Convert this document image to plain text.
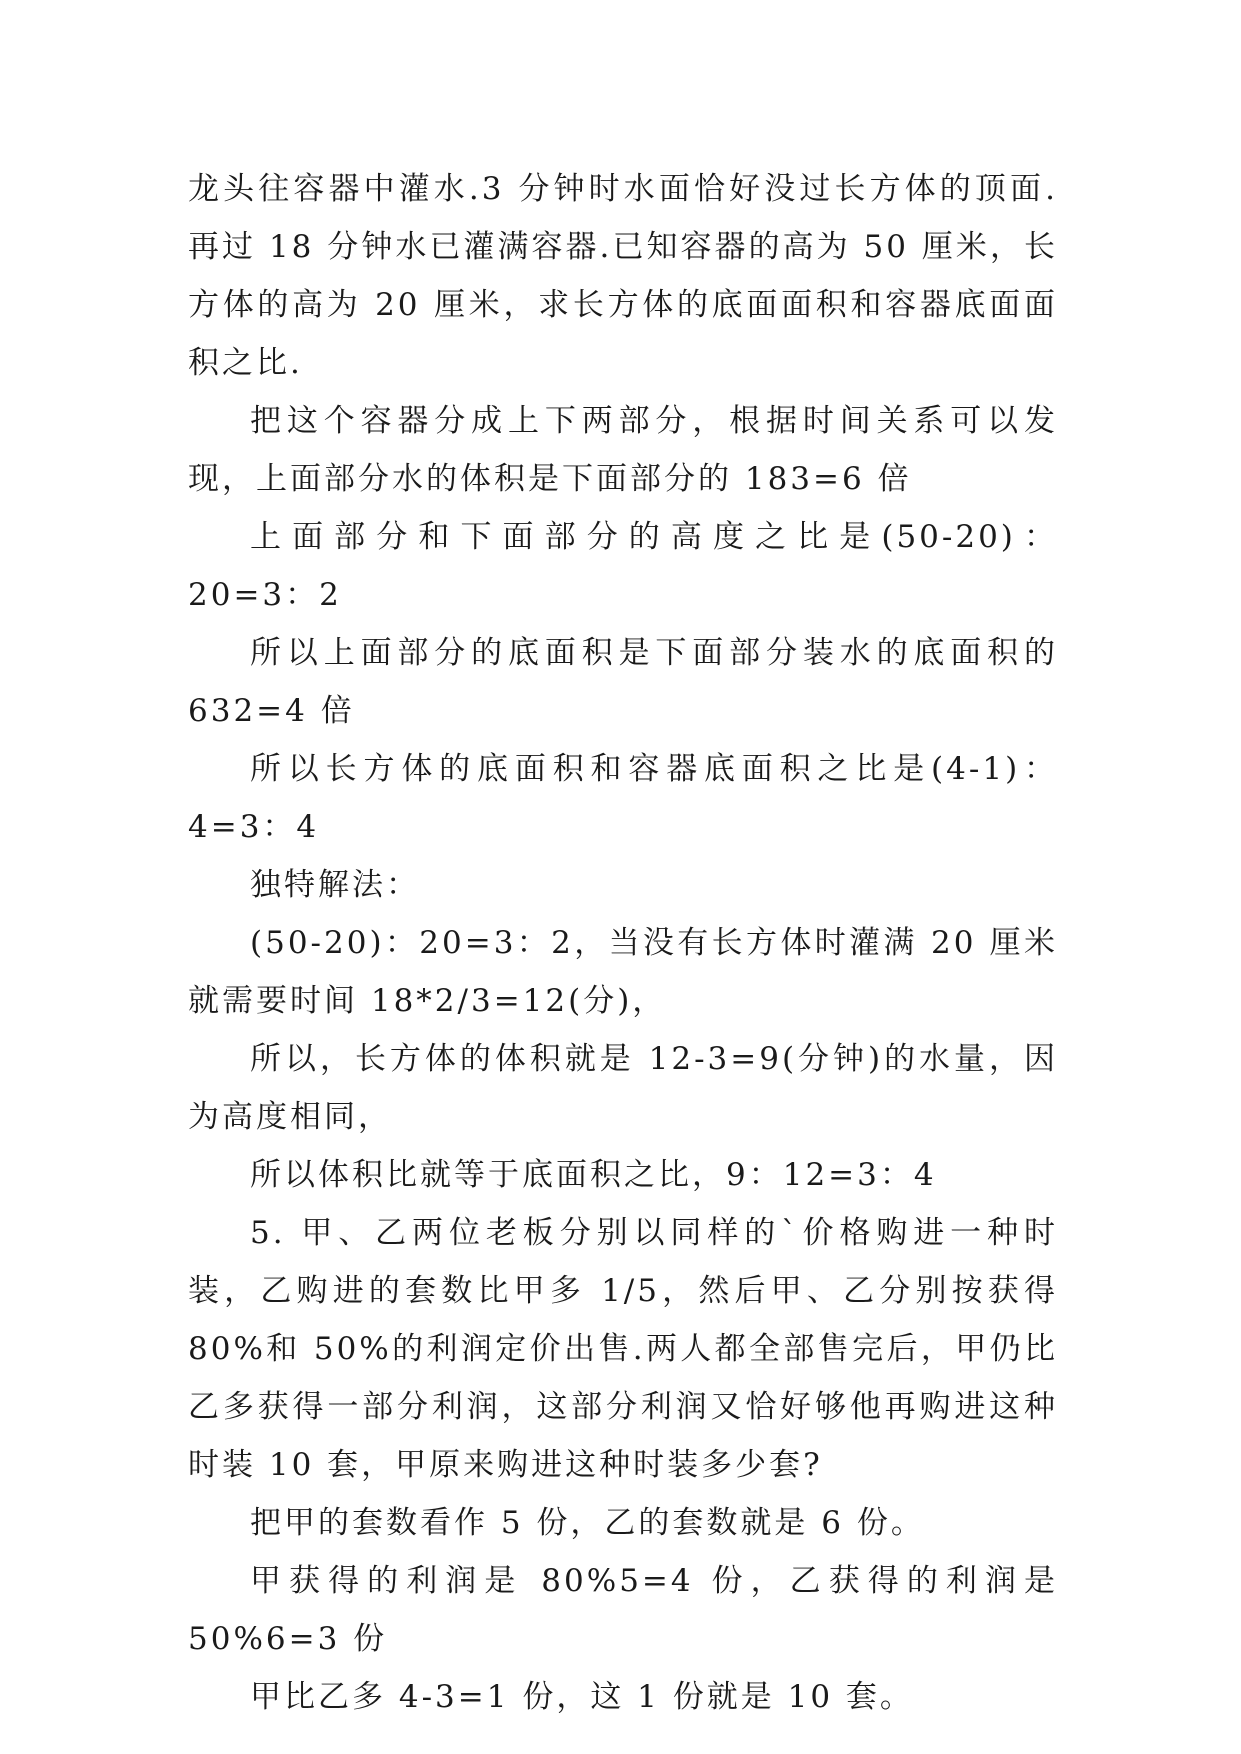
龙头往容器中灌水.3 分钟时水面恰好没过长方体的顶面.再过 18 分钟水已灌满容器.已知容器的高为 50 厘米，长方体的高为 20 厘米，求长方体的底面面积和容器底面面积之比.

把这个容器分成上下两部分，根据时间关系可以发现，上面部分水的体积是下面部分的 183=6 倍

上面部分和下面部分的高度之比是(50-20)：20=3：2

所以上面部分的底面积是下面部分装水的底面积的 632=4 倍

所以长方体的底面积和容器底面积之比是(4-1)：4=3：4

独特解法：

(50-20)：20=3：2，当没有长方体时灌满 20 厘米就需要时间 18*2/3=12(分)，

所以，长方体的体积就是 12-3=9(分钟)的水量，因为高度相同，

所以体积比就等于底面积之比，9：12=3：4

5. 甲、乙两位老板分别以同样的`价格购进一种时装，乙购进的套数比甲多 1/5，然后甲、乙分别按获得 80%和 50%的利润定价出售.两人都全部售完后，甲仍比乙多获得一部分利润，这部分利润又恰好够他再购进这种时装 10 套，甲原来购进这种时装多少套?

把甲的套数看作 5 份，乙的套数就是 6 份。

甲获得的利润是 80%5=4 份，乙获得的利润是 50%6=3 份

甲比乙多 4-3=1 份，这 1 份就是 10 套。
